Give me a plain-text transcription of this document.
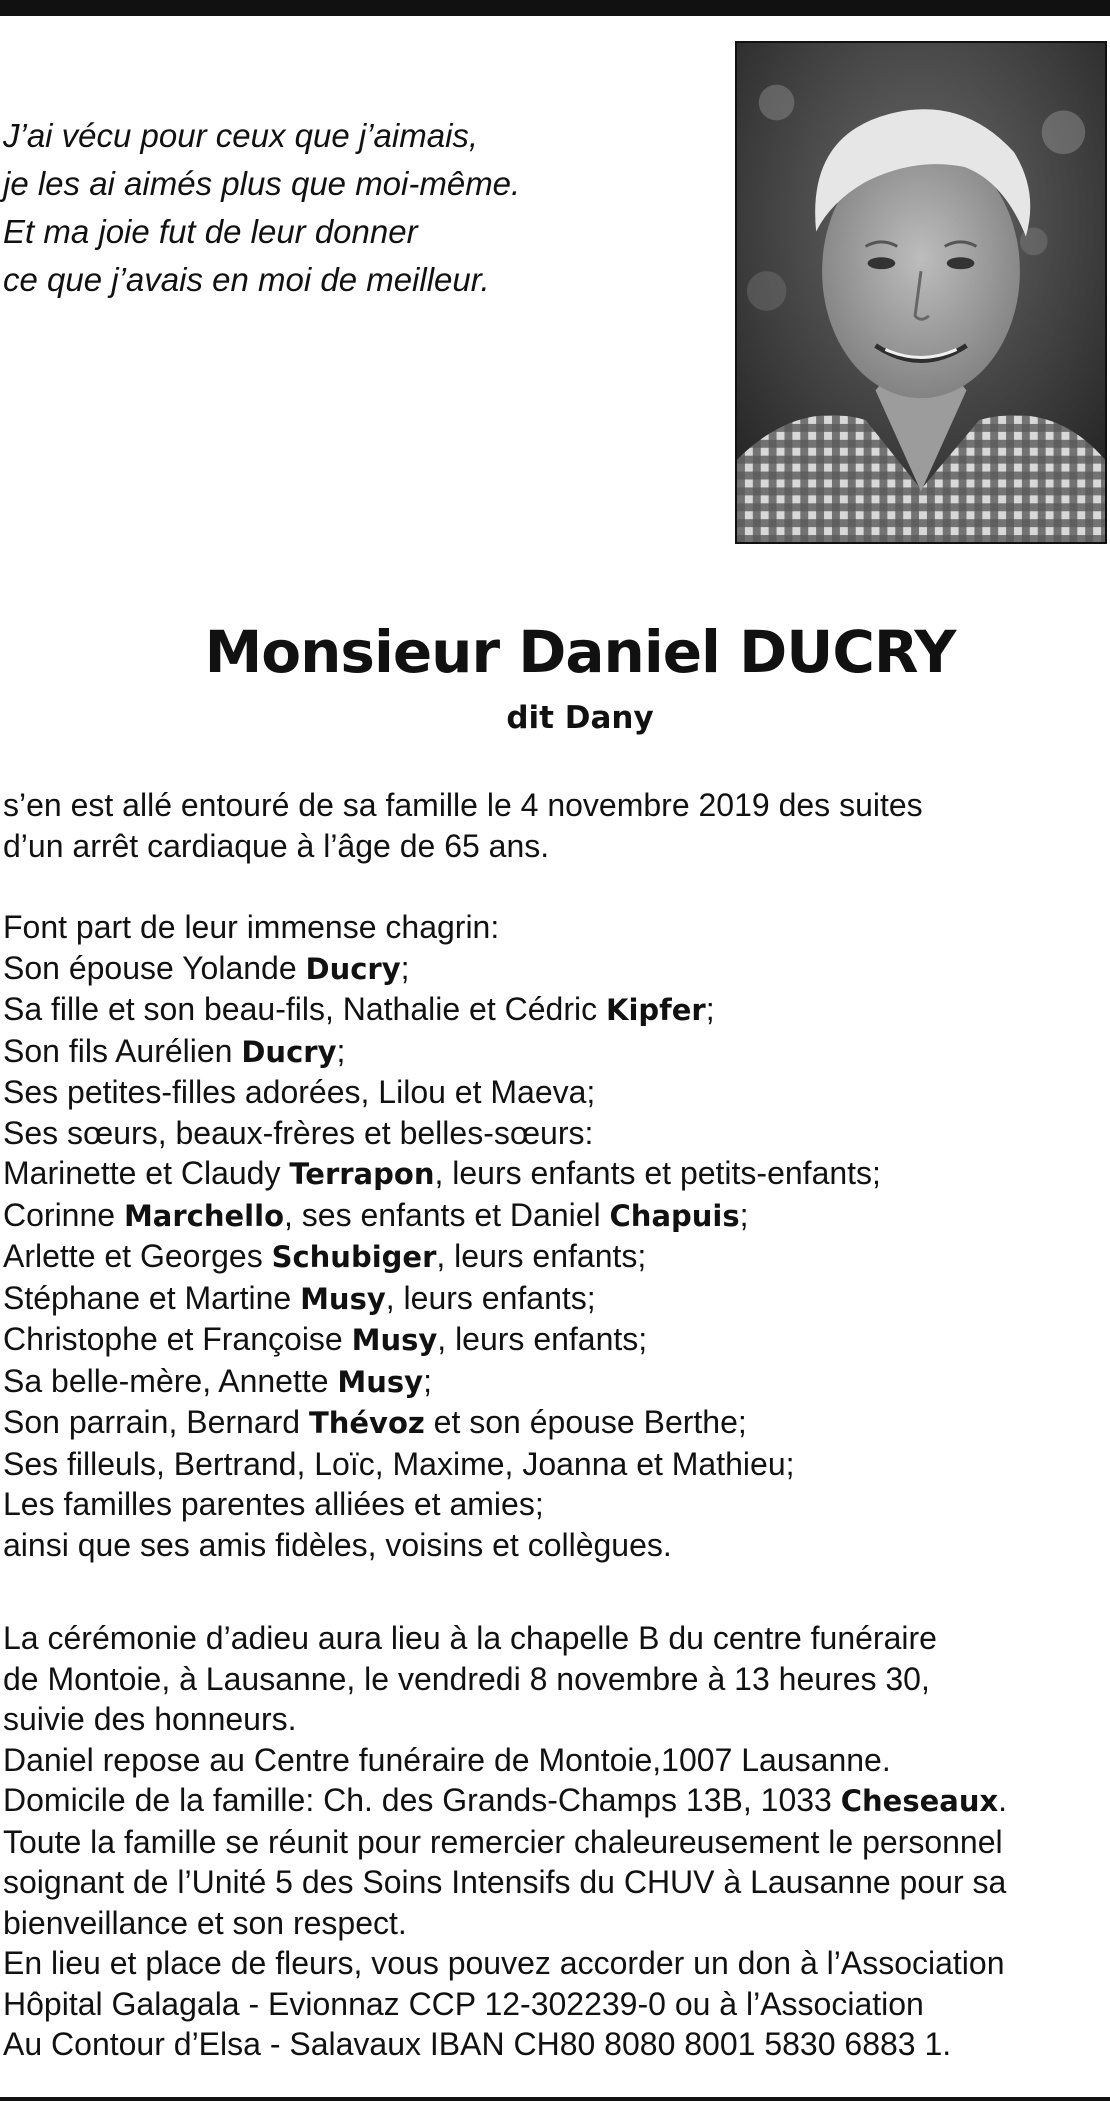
J’ai vécu pour ceux que j’aimais,
je les ai aimés plus que moi-même.
Et ma joie fut de leur donner
ce que j’avais en moi de meilleur.
Monsieur Daniel DUCRY
dit Dany
s’en est allé entouré de sa famille le 4 novembre 2019 des suites
d’un arrêt cardiaque à l’âge de 65 ans.
Font part de leur immense chagrin:
Son épouse Yolande Ducry;
Sa fille et son beau-fils, Nathalie et Cédric Kipfer;
Son fils Aurélien Ducry;
Ses petites-filles adorées, Lilou et Maeva;
Ses sœurs, beaux-frères et belles-sœurs:
Marinette et Claudy Terrapon, leurs enfants et petits-enfants;
Corinne Marchello, ses enfants et Daniel Chapuis;
Arlette et Georges Schubiger, leurs enfants;
Stéphane et Martine Musy, leurs enfants;
Christophe et Françoise Musy, leurs enfants;
Sa belle-mère, Annette Musy;
Son parrain, Bernard Thévoz et son épouse Berthe;
Ses filleuls, Bertrand, Loïc, Maxime, Joanna et Mathieu;
Les familles parentes alliées et amies;
ainsi que ses amis fidèles, voisins et collègues.
La cérémonie d’adieu aura lieu à la chapelle B du centre funéraire
de Montoie, à Lausanne, le vendredi 8 novembre à 13 heures 30,
suivie des honneurs.
Daniel repose au Centre funéraire de Montoie,1007 Lausanne.
Domicile de la famille: Ch. des Grands-Champs 13B, 1033 Cheseaux.
Toute la famille se réunit pour remercier chaleureusement le personnel
soignant de l’Unité 5 des Soins Intensifs du CHUV à Lausanne pour sa
bienveillance et son respect.
En lieu et place de fleurs, vous pouvez accorder un don à l’Association
Hôpital Galagala - Evionnaz CCP 12-302239-0 ou à l’Association
Au Contour d’Elsa - Salavaux IBAN CH80 8080 8001 5830 6883 1.
